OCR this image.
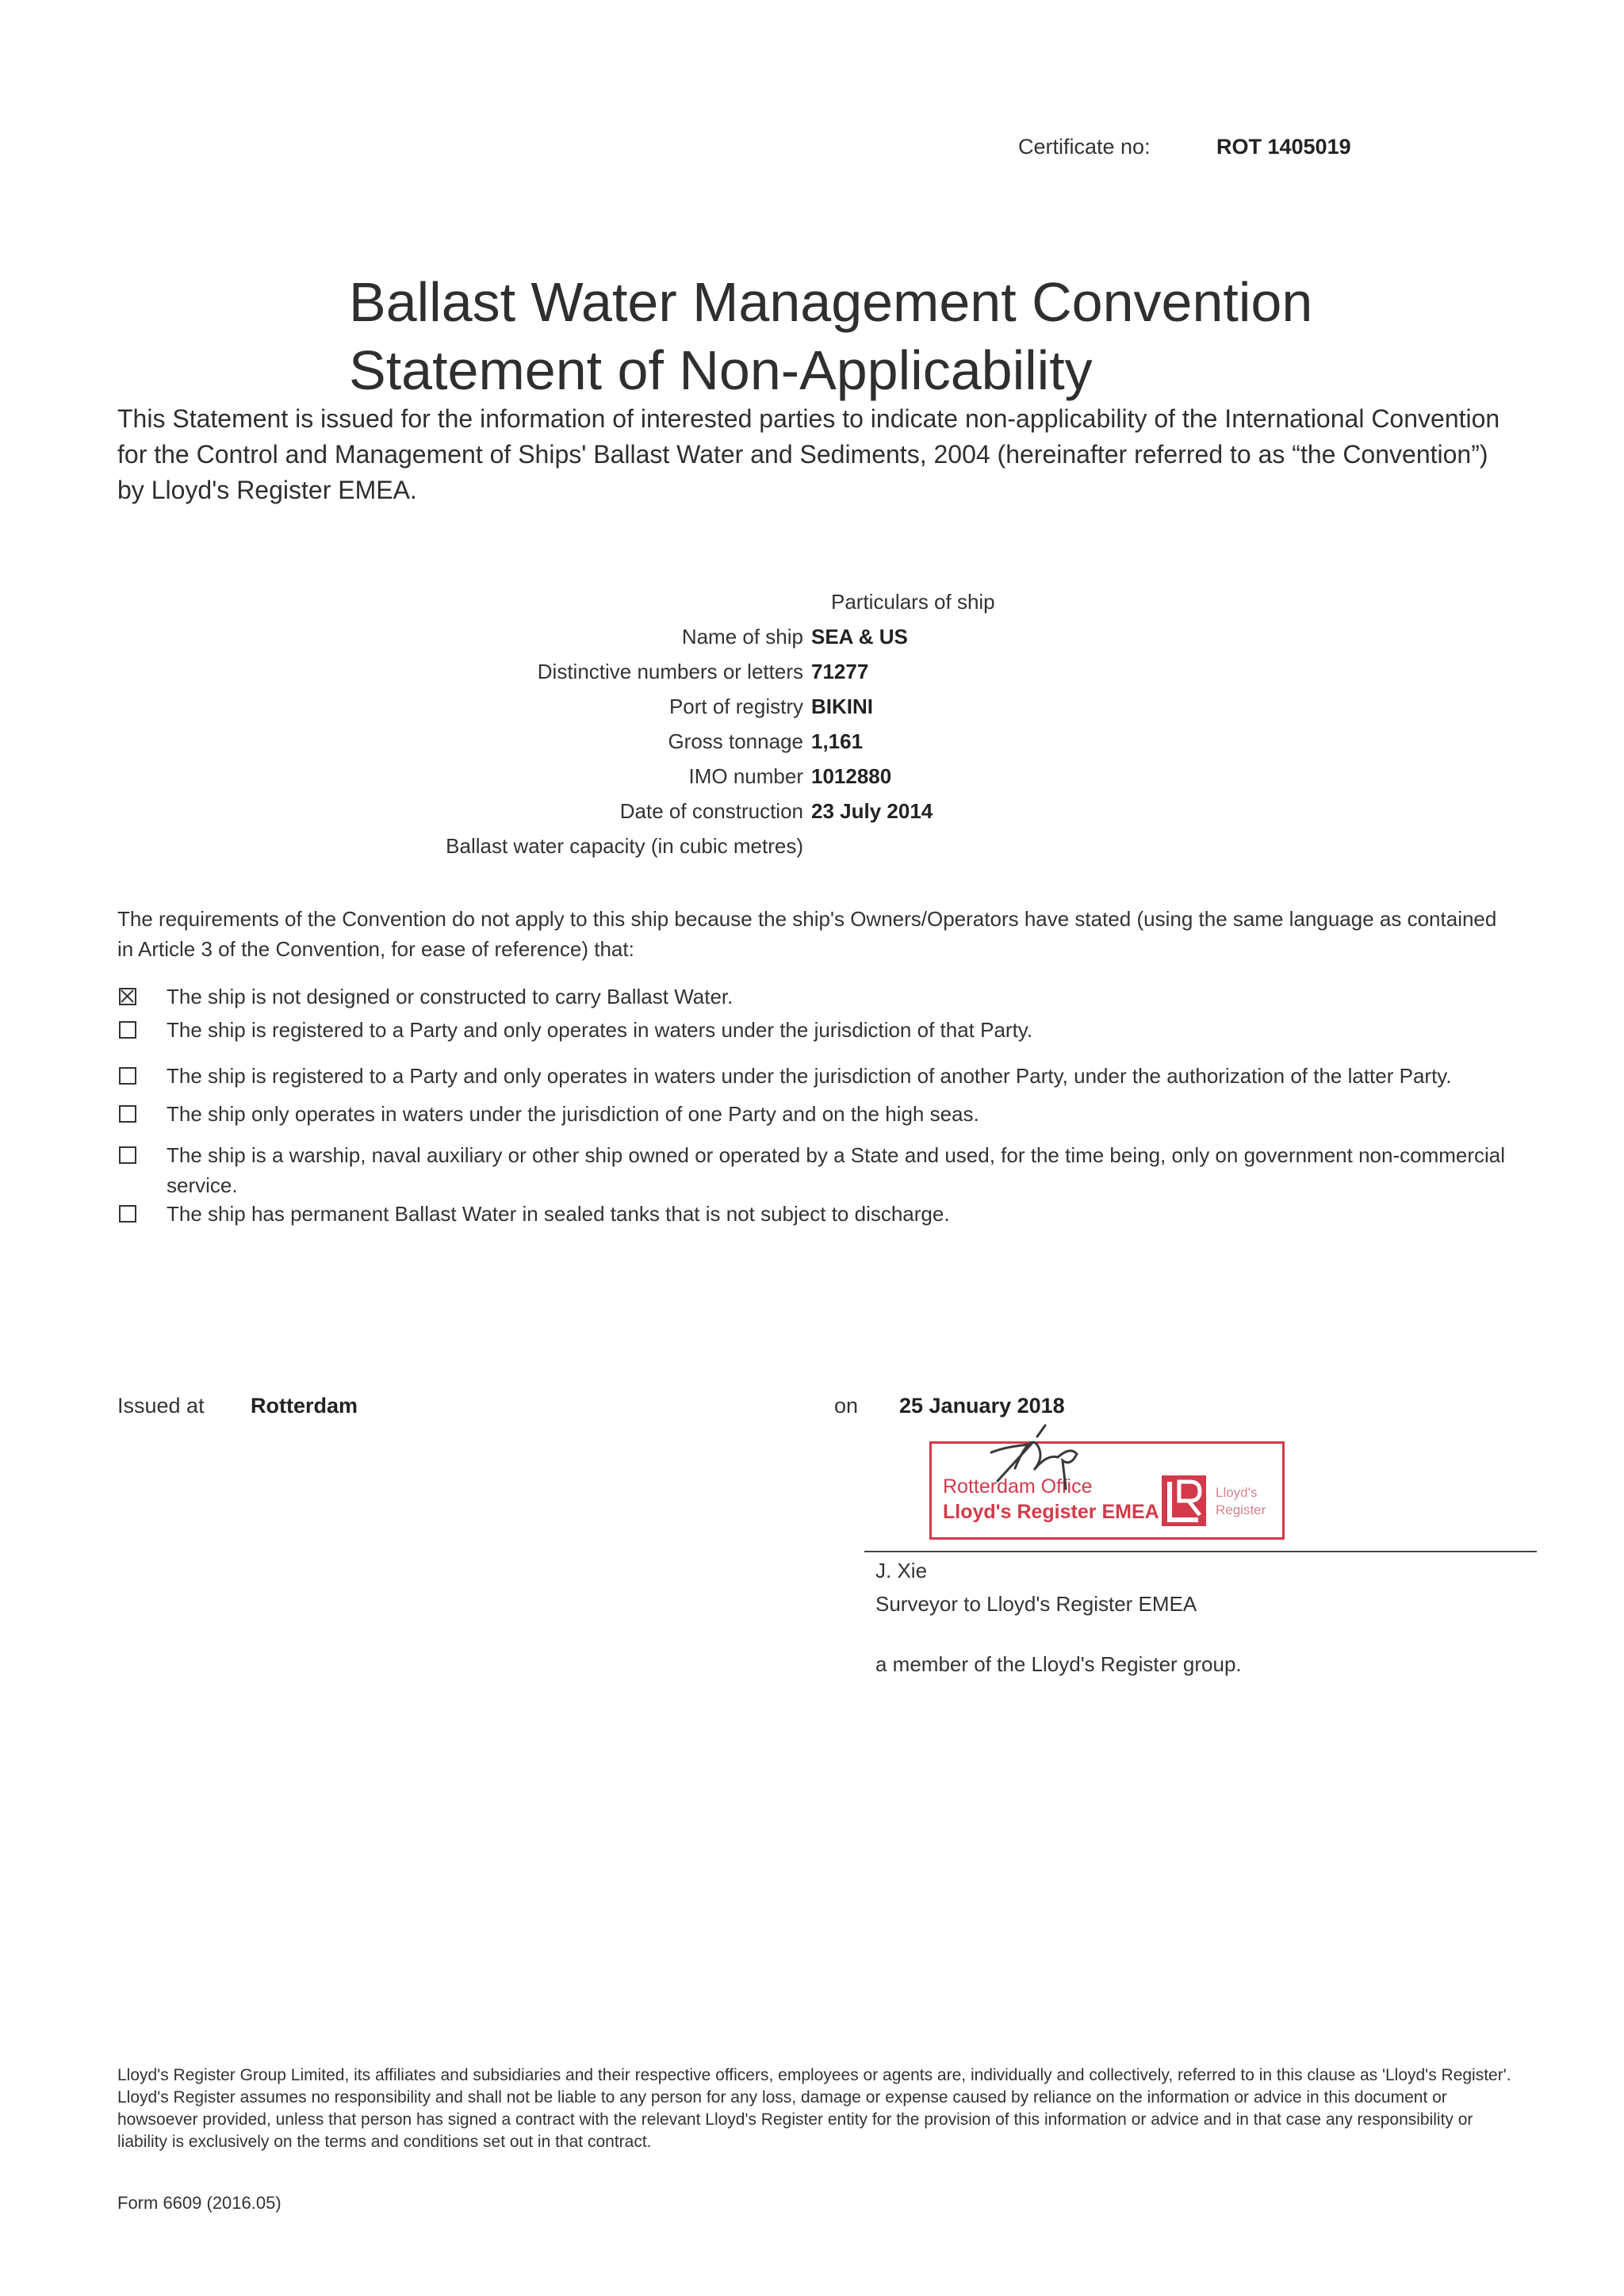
Certificate no:	ROT 1405019
Ballast Water Management Convention
Statement of Non-Applicability
This Statement is issued for the information of interested parties to indicate non-applicability of the International Convention for the Control and Management of Ships' Ballast Water and Sediments, 2004 (hereinafter referred to as “the Convention”) by Lloyd's Register EMEA.
Particulars of ship
Name of ship SEA & US
Distinctive numbers or letters 71277
Port of registry BIKINI
Gross tonnage 1,161
IMO number 1012880
Date of construction 23 July 2014
Ballast water capacity (in cubic metres)
The requirements of the Convention do not apply to this ship because the ship's Owners/Operators have stated (using the same language as contained in Article 3 of the Convention, for ease of reference) that:
The ship is not designed or constructed to carry Ballast Water.
The ship is registered to a Party and only operates in waters under the jurisdiction of that Party.
The ship is registered to a Party and only operates in waters under the jurisdiction of another Party, under the authorization of the latter Party.
The ship only operates in waters under the jurisdiction of one Party and on the high seas.
The ship is a warship, naval auxiliary or other ship owned or operated by a State and used, for the time being, only on government non-commercial service.
The ship has permanent Ballast Water in sealed tanks that is not subject to discharge.
Issued at Rotterdam	on 25 January 2018
Rotterdam Office
Lloyd's Register EMEA
Lloyd's
Register
J. Xie
Surveyor to Lloyd's Register EMEA
a member of the Lloyd's Register group.
Lloyd's Register Group Limited, its affiliates and subsidiaries and their respective officers, employees or agents are, individually and collectively, referred to in this clause as 'Lloyd's Register'. Lloyd's Register assumes no responsibility and shall not be liable to any person for any loss, damage or expense caused by reliance on the information or advice in this document or howsoever provided, unless that person has signed a contract with the relevant Lloyd's Register entity for the provision of this information or advice and in that case any responsibility or liability is exclusively on the terms and conditions set out in that contract.
Form 6609 (2016.05)
